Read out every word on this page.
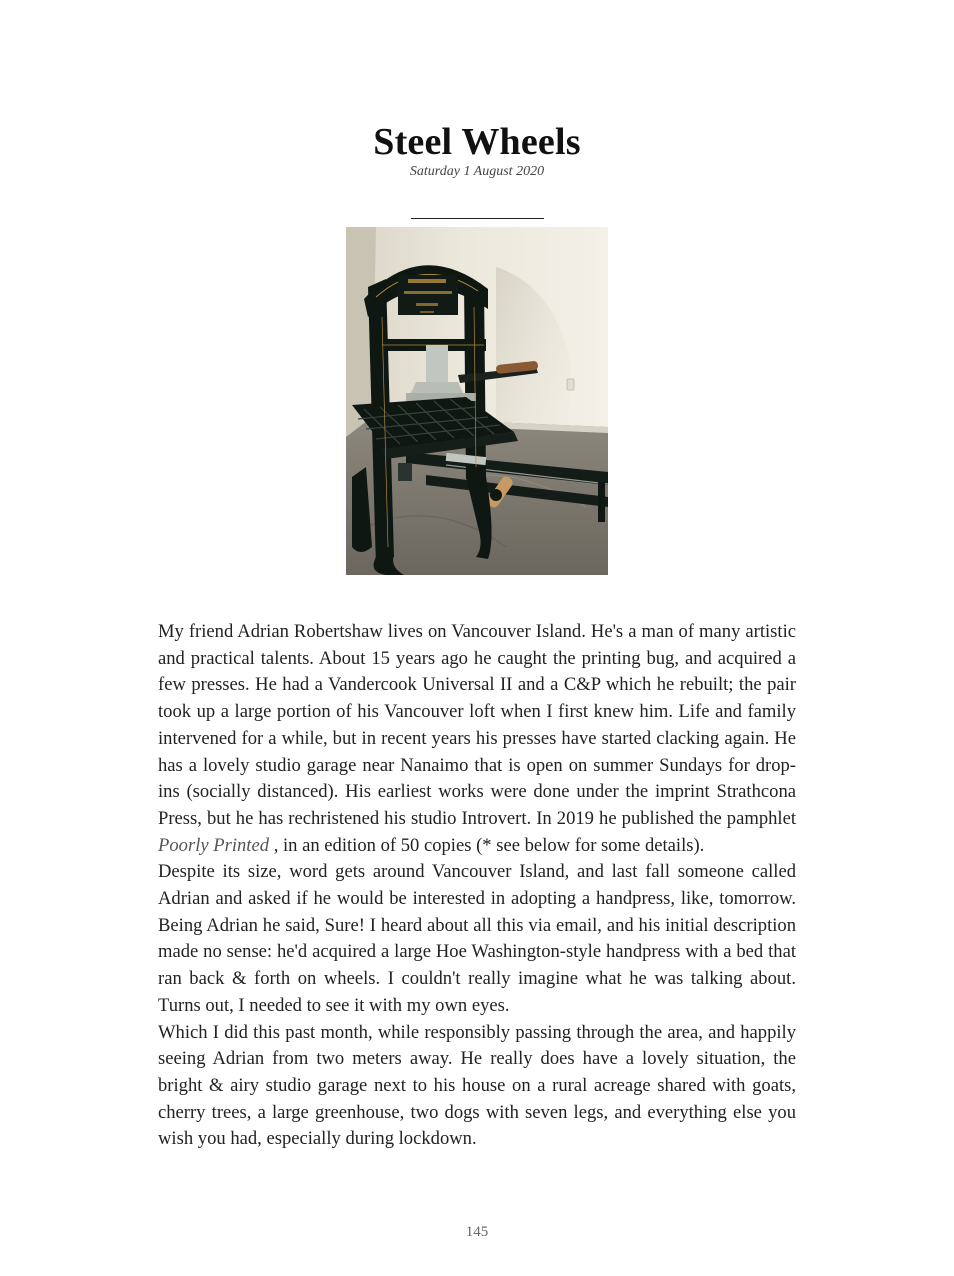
Steel Wheels
Saturday 1 August 2020

My friend Adrian Robertshaw lives on Vancouver Island. He's a man of many artistic and practical talents. About 15 years ago he caught the printing bug, and acquired a few presses. He had a Vandercook Universal II and a C&P which he rebuilt; the pair took up a large portion of his Vancouver loft when I first knew him. Life and family intervened for a while, but in recent years his presses have started clacking again. He has a lovely studio garage near Nanaimo that is open on summer Sundays for drop-ins (socially distanced). His earliest works were done under the imprint Strathcona Press, but he has rechristened his studio Introvert. In 2019 he published the pamphlet Poorly Printed , in an edition of 50 copies (* see below for some details).

Despite its size, word gets around Vancouver Island, and last fall someone called Adrian and asked if he would be interested in adopting a handpress, like, tomorrow. Being Adrian he said, Sure! I heard about all this via email, and his initial description made no sense: he'd acquired a large Hoe Washington-style handpress with a bed that ran back & forth on wheels. I couldn't really imagine what he was talking about. Turns out, I needed to see it with my own eyes.

Which I did this past month, while responsibly passing through the area, and happily seeing Adrian from two meters away. He really does have a lovely situation, the bright & airy studio garage next to his house on a rural acreage shared with goats, cherry trees, a large greenhouse, two dogs with seven legs, and everything else you wish you had, especially during lockdown.

145
